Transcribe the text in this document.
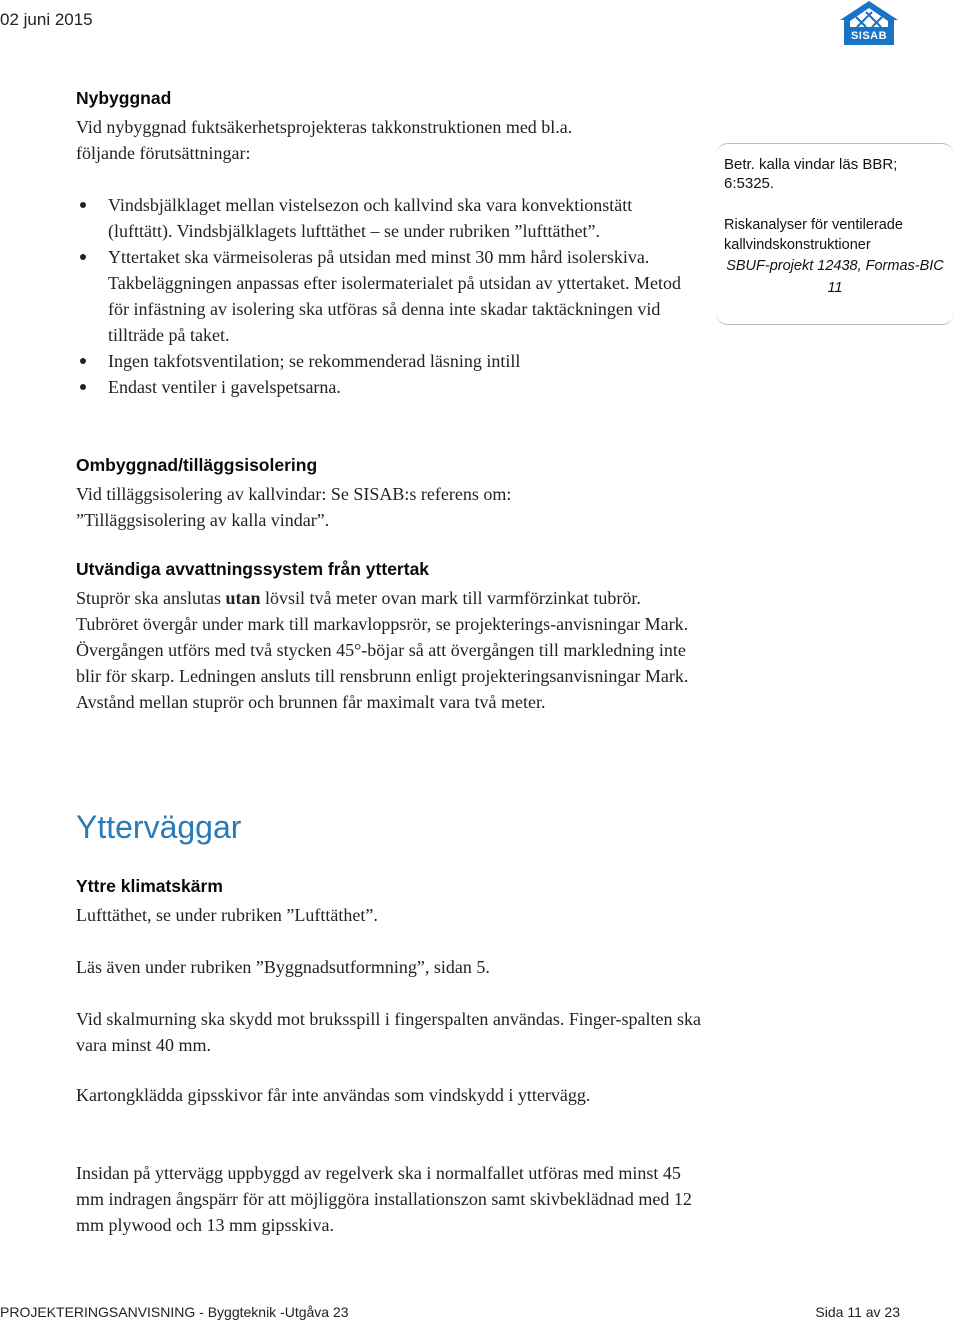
02 juni 2015
SISAB
Nybyggnad
Vid nybyggnad fuktsäkerhetsprojekteras takkonstruktionen med bl.a.
följande förutsättningar:
Vindsbjälklaget mellan vistelsezon och kallvind ska vara konvektionstätt (lufttätt). Vindsbjälklagets lufttäthet – se under rubriken ”lufttäthet”.
Yttertaket ska värmeisoleras på utsidan med minst 30 mm hård isolerskiva. Takbeläggningen anpassas efter isolermaterialet på utsidan av yttertaket. Metod för infästning av isolering ska utföras så denna inte skadar taktäckningen vid tillträde på taket.
Ingen takfotsventilation; se rekommenderad läsning intill
Endast ventiler i gavelspetsarna.
Betr. kalla vindar läs BBR; 6:5325.
Riskanalyser för ventilerade kallvindskonstruktioner
SBUF-projekt 12438, Formas-BIC 11
Ombyggnad/tilläggsisolering

Vid tilläggsisolering av kallvindar: Se SISAB:s referens om: ”Tilläggsisolering av kalla vindar”.

Utvändiga avvattningssystem från yttertak

Stuprör ska anslutas utan lövsil två meter ovan mark till varmförzinkat tubrör. Tubröret övergår under mark till markavloppsrör, se projekterings-anvisningar Mark. Övergången utförs med två stycken 45°-böjar så att övergången till markledning inte blir för skarp. Ledningen ansluts till rensbrunn enligt projekteringsanvisningar Mark. Avstånd mellan stuprör och brunnen får maximalt vara två meter.

Ytterväggar
Yttre klimatskärm

Lufttäthet, se under rubriken ”Lufttäthet”.

Läs även under rubriken ”Byggnadsutformning”, sidan 5.

Vid skalmurning ska skydd mot bruksspill i fingerspalten användas. Finger-spalten ska vara minst 40 mm.

Kartongklädda gipsskivor får inte användas som vindskydd i yttervägg.

Insidan på yttervägg uppbyggd av regelverk ska i normalfallet utföras med minst 45 mm indragen ångspärr för att möjliggöra installationszon samt skivbeklädnad med 12 mm plywood och 13 mm gipsskiva.

PROJEKTERINGSANVISNING - Byggteknik -Utgåva 23	Sida 11 av 23
